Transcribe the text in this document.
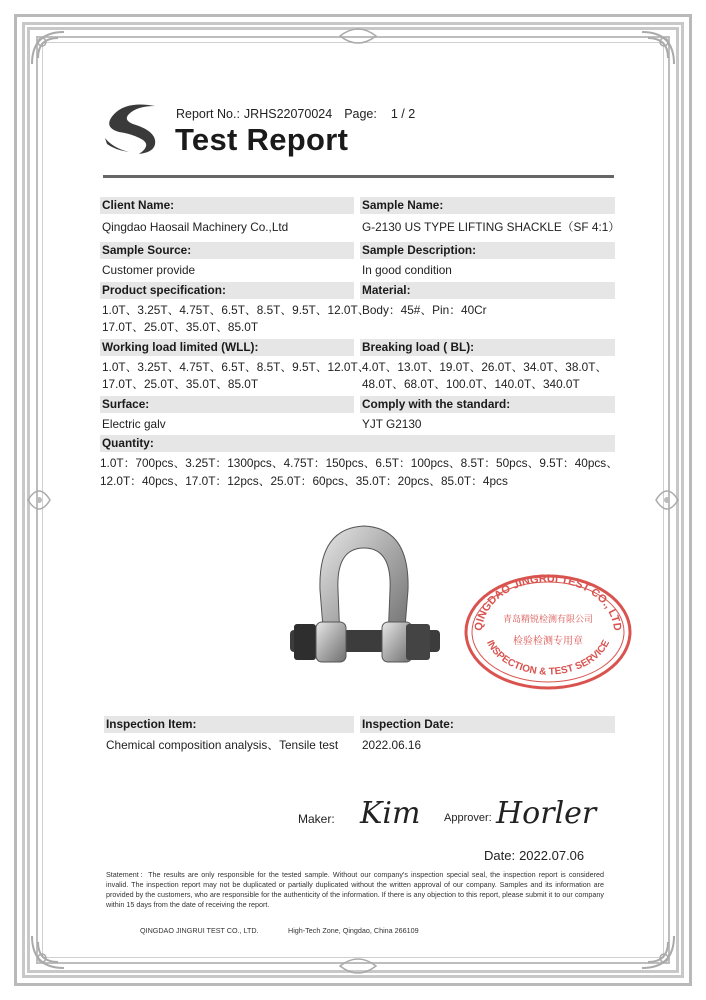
Report No.: JRHS22070024 Page: 1 / 2
Test Report
Client Name:
Qingdao Haosail Machinery Co.,Ltd
Sample Source:
Customer provide
Product specification:
1.0T、3.25T、4.75T、6.5T、8.5T、9.5T、12.0T、
17.0T、25.0T、35.0T、85.0T
Working load limited (WLL):
1.0T、3.25T、4.75T、6.5T、8.5T、9.5T、12.0T、
17.0T、25.0T、35.0T、85.0T
Surface:
Electric galv
Sample Name:
G-2130 US TYPE LIFTING SHACKLE（SF 4:1）
Sample Description:
In good condition
Material:
Body：45#、Pin：40Cr
Breaking load ( BL):
4.0T、13.0T、19.0T、26.0T、34.0T、38.0T、
48.0T、68.0T、100.0T、140.0T、340.0T
Comply with the standard:
YJT G2130
Quantity:
1.0T：700pcs、3.25T：1300pcs、4.75T：150pcs、6.5T：100pcs、8.5T：50pcs、9.5T：40pcs、
12.0T：40pcs、17.0T：12pcs、25.0T：60pcs、35.0T：20pcs、85.0T：4pcs
QINGDAO JINGRUI TEST CO., LTD
青岛精锐检测有限公司
检验检测专用章
INSPECTION & TEST SERVICE
Inspection Item:
Chemical composition analysis、Tensile test
Inspection Date:
2022.06.16
Maker: Kim Approver: Horler
Date: 2022.07.06
Statement：The results are only responsible for the tested sample. Without our company's inspection special seal, the inspection report is considered invalid. The inspection report may not be duplicated or partially duplicated without the written approval of our company. Samples and its information are provided by the customers, who are responsible for the authenticity of the information. If there is any objection to this report, please submit it to our company within 15 days from the date of receiving the report.
QINGDAO JINGRUI TEST CO., LTD.	High-Tech Zone, Qingdao, China 266109
